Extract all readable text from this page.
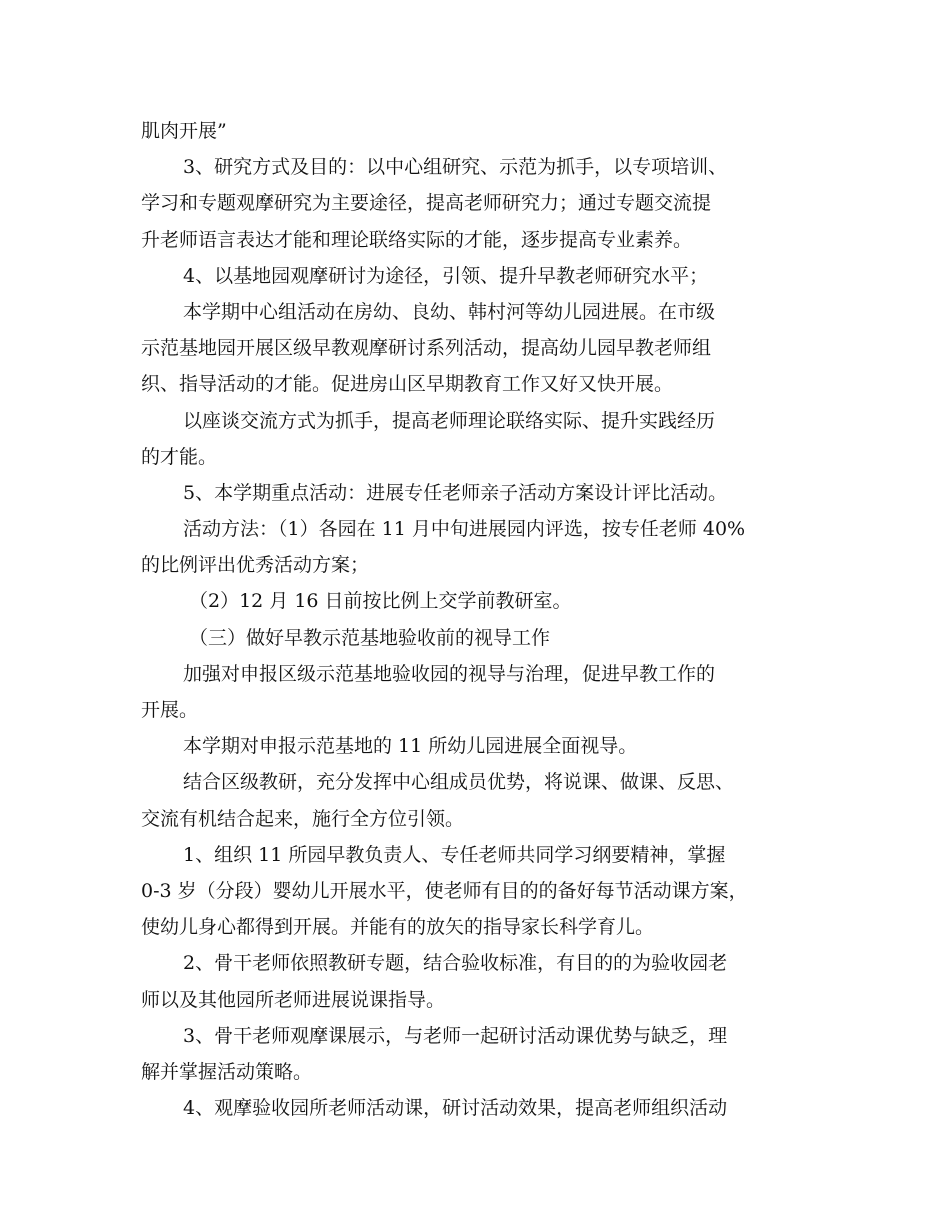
肌肉开展”
3、研究方式及目的：以中心组研究、示范为抓手，以专项培训、
学习和专题观摩研究为主要途径，提高老师研究力；通过专题交流提
升老师语言表达才能和理论联络实际的才能，逐步提高专业素养。
4、以基地园观摩研讨为途径，引领、提升早教老师研究水平；
本学期中心组活动在房幼、良幼、韩村河等幼儿园进展。在市级
示范基地园开展区级早教观摩研讨系列活动，提高幼儿园早教老师组
织、指导活动的才能。促进房山区早期教育工作又好又快开展。
以座谈交流方式为抓手，提高老师理论联络实际、提升实践经历
的才能。
5、本学期重点活动：进展专任老师亲子活动方案设计评比活动。
活动方法：（1）各园在 11 月中旬进展园内评选，按专任老师 40%
的比例评出优秀活动方案；
（2）12 月 16 日前按比例上交学前教研室。
（三）做好早教示范基地验收前的视导工作
加强对申报区级示范基地验收园的视导与治理，促进早教工作的
开展。
本学期对申报示范基地的 11 所幼儿园进展全面视导。
结合区级教研，充分发挥中心组成员优势，将说课、做课、反思、
交流有机结合起来，施行全方位引领。
1、组织 11 所园早教负责人、专任老师共同学习纲要精神，掌握
0-3 岁（分段）婴幼儿开展水平，使老师有目的的备好每节活动课方案，
使幼儿身心都得到开展。并能有的放矢的指导家长科学育儿。
2、骨干老师依照教研专题，结合验收标准，有目的的为验收园老
师以及其他园所老师进展说课指导。
3、骨干老师观摩课展示，与老师一起研讨活动课优势与缺乏，理
解并掌握活动策略。
4、观摩验收园所老师活动课，研讨活动效果，提高老师组织活动
